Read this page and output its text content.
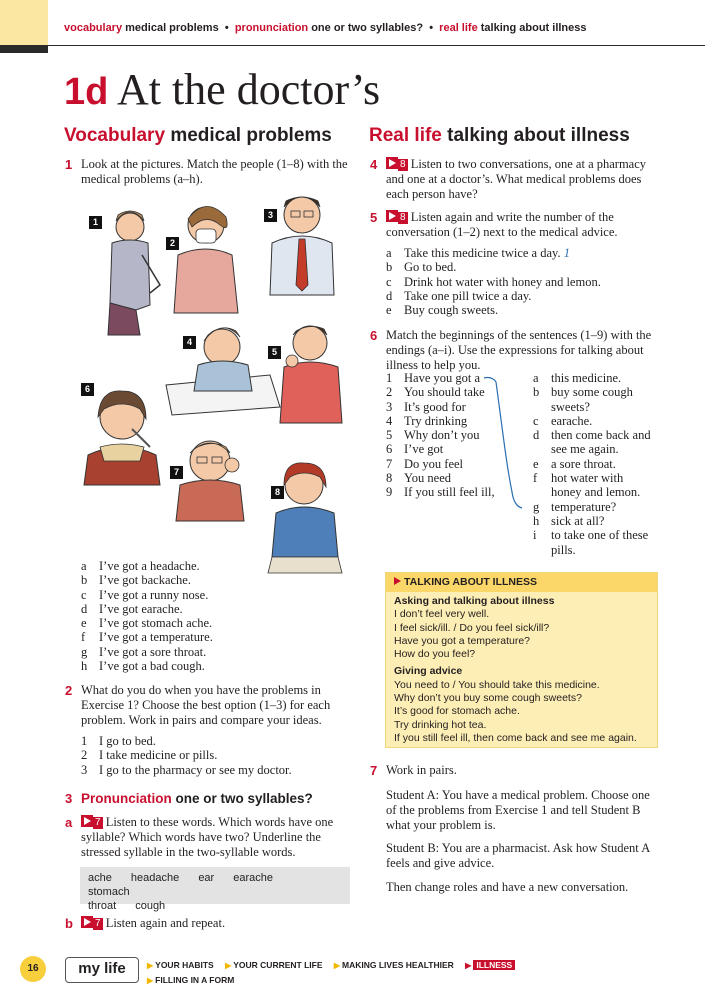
vocabulary medical problems • pronunciation one or two syllables? • real life talking about illness
1d At the doctor’s
Vocabulary medical problems
1 Look at the pictures. Match the people (1–8) with the medical problems (a–h).
1
2
3
4
5
6
7
8
a I’ve got a headache.
b I’ve got backache.
c I’ve got a runny nose.
d I’ve got earache.
e I’ve got stomach ache.
f I’ve got a temperature.
g I’ve got a sore throat.
h I’ve got a bad cough.
2 What do you do when you have the problems in Exercise 1? Choose the best option (1–3) for each problem. Work in pairs and compare your ideas.
1 I go to bed.
2 I take medicine or pills.
3 I go to the pharmacy or see my doctor.
3 Pronunciation one or two syllables?
a 7 Listen to these words. Which words have one syllable? Which words have two? Underline the stressed syllable in the two-syllable words.
ache headache ear earache stomach
throat cough
b 7 Listen again and repeat.
Real life talking about illness
4 8 Listen to two conversations, one at a pharmacy and one at a doctor’s. What medical problems does each person have?
5 8 Listen again and write the number of the conversation (1–2) next to the medical advice.
a Take this medicine twice a day. 1
b Go to bed.
c Drink hot water with honey and lemon.
d Take one pill twice a day.
e Buy cough sweets.
6 Match the beginnings of the sentences (1–9) with the endings (a–i). Use the expressions for talking about illness to help you.
1 Have you got a
2 You should take
3 It’s good for
4 Try drinking
5 Why don’t you
6 I’ve got
7 Do you feel
8 You need
9 If you still feel ill,
a this medicine.
b buy some cough
sweets?
c earache.
d then come back and
see me again.
e a sore throat.
f hot water with
honey and lemon.
g temperature?
h sick at all?
i to take one of these
pills.
TALKING ABOUT ILLNESS
Asking and talking about illness
I don’t feel very well.
I feel sick/ill. / Do you feel sick/ill?
Have you got a temperature?
How do you feel?
Giving advice
You need to / You should take this medicine.
Why don’t you buy some cough sweets?
It’s good for stomach ache.
Try drinking hot tea.
If you still feel ill, then come back and see me again.
7 Work in pairs.
Student A: You have a medical problem. Choose one of the problems from Exercise 1 and tell Student B what your problem is.
Student B: You are a pharmacist. Ask how Student A feels and give advice.
Then change roles and have a new conversation.
16	my life	▶ YOUR HABITS ▶ YOUR CURRENT LIFE ▶ MAKING LIVES HEALTHIER ▶ ILLNESS
▶ FILLING IN A FORM
